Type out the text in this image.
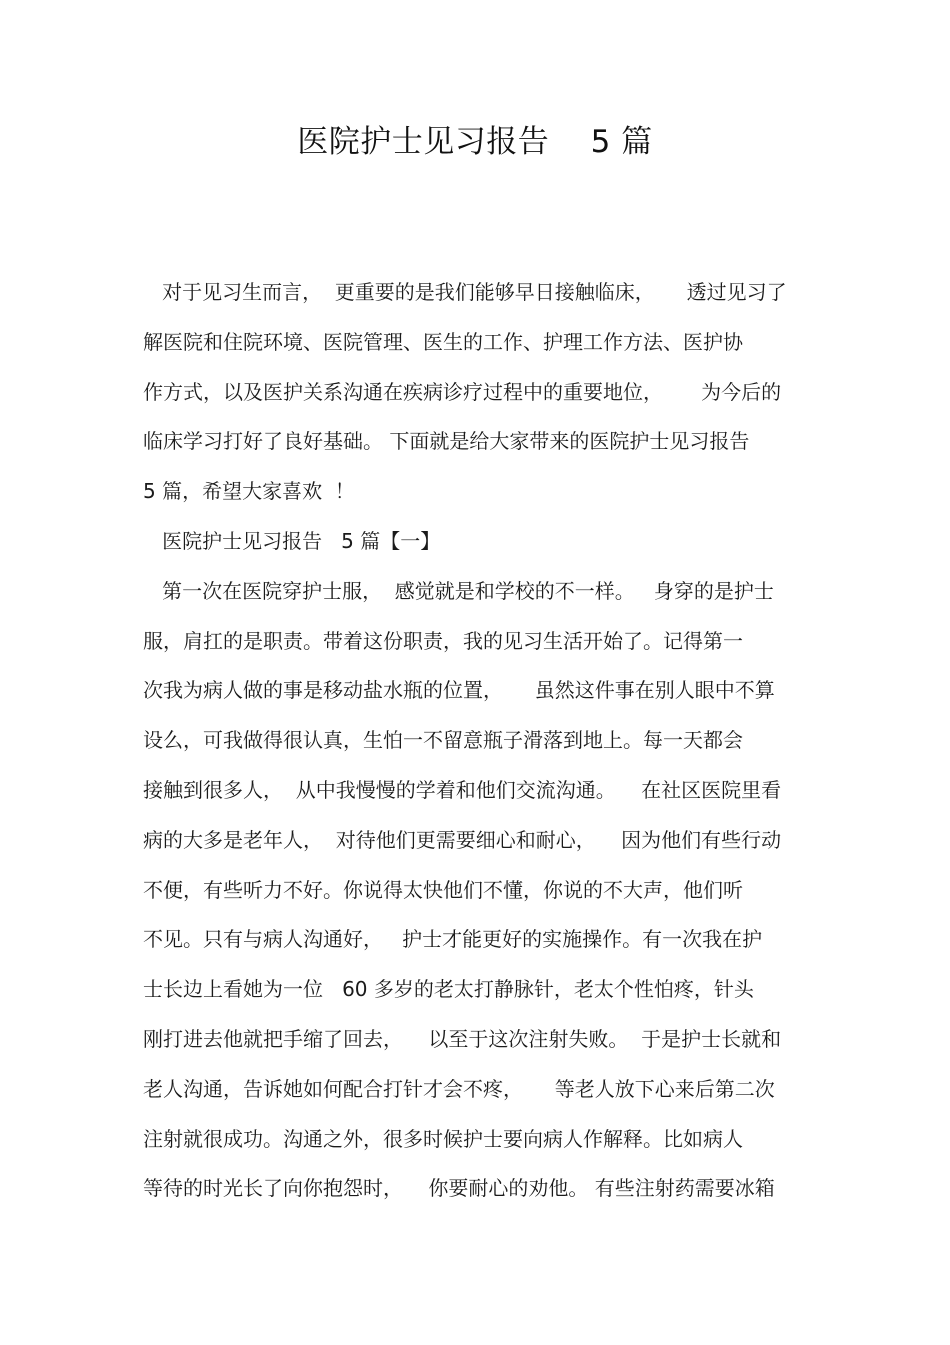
医院护士见习报告    5 篇
对于见习生而言，  更重要的是我们能够早日接触临床，     透过见习了
解医院和住院环境、医院管理、医生的工作、护理工作方法、医护协
作方式，以及医护关系沟通在疾病诊疗过程中的重要地位，      为今后的
临床学习打好了良好基础。 下面就是给大家带来的医院护士见习报告
5 篇，希望大家喜欢  ！
医院护士见习报告   5 篇【一】
第一次在医院穿护士服，  感觉就是和学校的不一样。   身穿的是护士
服，肩扛的是职责。带着这份职责，我的见习生活开始了。记得第一
次我为病人做的事是移动盐水瓶的位置，     虽然这件事在别人眼中不算
设么，可我做得很认真，生怕一不留意瓶子滑落到地上。每一天都会
接触到很多人，  从中我慢慢的学着和他们交流沟通。    在社区医院里看
病的大多是老年人，  对待他们更需要细心和耐心，    因为他们有些行动
不便，有些听力不好。你说得太快他们不懂，你说的不大声，他们听
不见。只有与病人沟通好，   护士才能更好的实施操作。有一次我在护
士长边上看她为一位   60 多岁的老太打静脉针，老太个性怕疼，针头
刚打进去他就把手缩了回去，    以至于这次注射失败。  于是护士长就和
老人沟通，告诉她如何配合打针才会不疼，     等老人放下心来后第二次
注射就很成功。沟通之外，很多时候护士要向病人作解释。比如病人
等待的时光长了向你抱怨时，    你要耐心的劝他。 有些注射药需要冰箱
